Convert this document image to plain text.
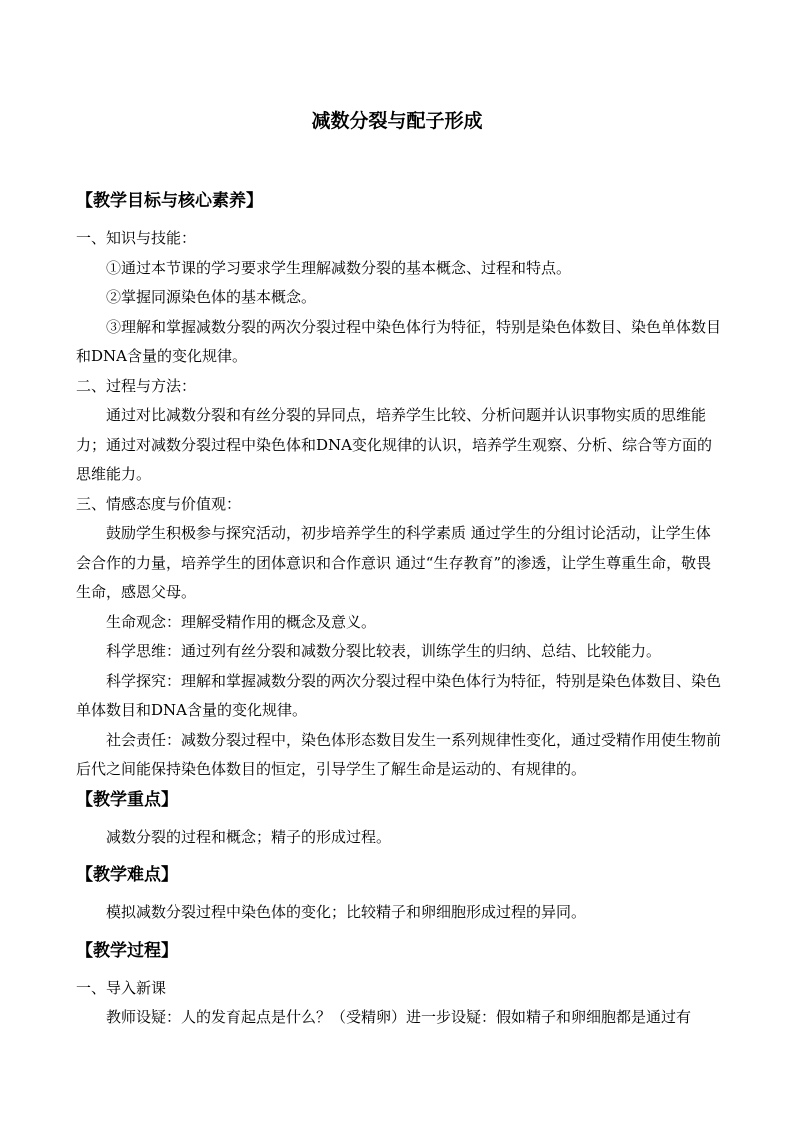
减数分裂与配子形成

【教学目标与核心素养】

一、知识与技能：

①通过本节课的学习要求学生理解减数分裂的基本概念、过程和特点。

②掌握同源染色体的基本概念。

③理解和掌握减数分裂的两次分裂过程中染色体行为特征，特别是染色体数目、染色单体数目和DNA含量的变化规律。

二、过程与方法：

通过对比减数分裂和有丝分裂的异同点，培养学生比较、分析问题并认识事物实质的思维能力；通过对减数分裂过程中染色体和DNA变化规律的认识，培养学生观察、分析、综合等方面的思维能力。

三、情感态度与价值观：

鼓励学生积极参与探究活动，初步培养学生的科学素质 通过学生的分组讨论活动，让学生体会合作的力量，培养学生的团体意识和合作意识 通过“生存教育”的渗透，让学生尊重生命，敬畏生命，感恩父母。

生命观念：理解受精作用的概念及意义。

科学思维：通过列有丝分裂和减数分裂比较表，训练学生的归纳、总结、比较能力。

科学探究：理解和掌握减数分裂的两次分裂过程中染色体行为特征，特别是染色体数目、染色单体数目和DNA含量的变化规律。

社会责任：减数分裂过程中，染色体形态数目发生一系列规律性变化，通过受精作用使生物前后代之间能保持染色体数目的恒定，引导学生了解生命是运动的、有规律的。

【教学重点】

减数分裂的过程和概念；精子的形成过程。

【教学难点】

模拟减数分裂过程中染色体的变化；比较精子和卵细胞形成过程的异同。

【教学过程】

一、导入新课

教师设疑：人的发育起点是什么？（受精卵）进一步设疑：假如精子和卵细胞都是通过有
